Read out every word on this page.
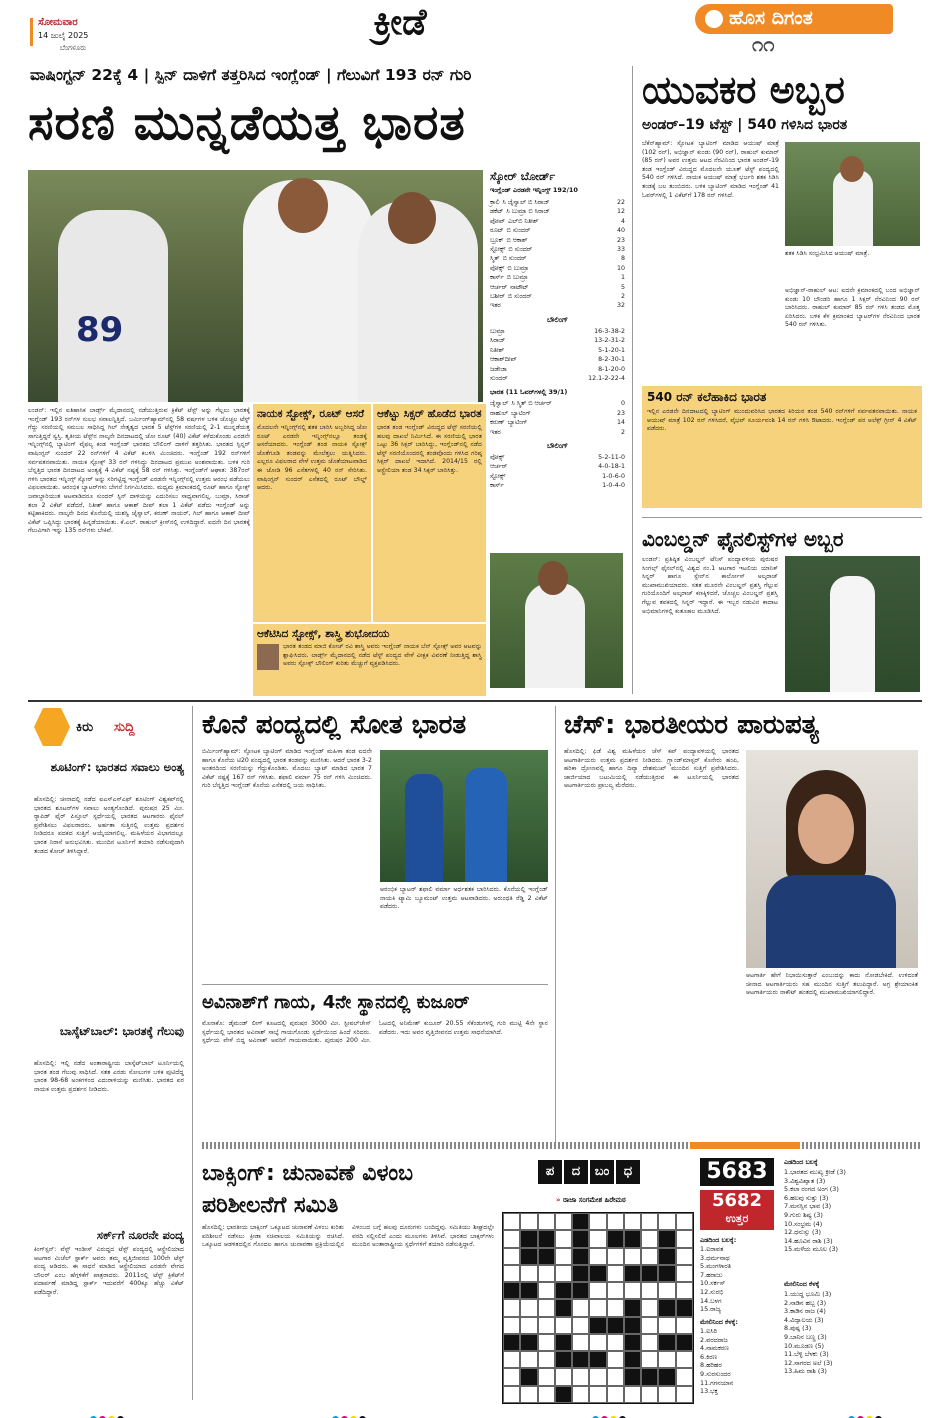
ಸೋಮವಾರ
14 ಜುಲೈ 2025
ಬೆಂಗಳೂರು
ಕ್ರೀಡೆ	ಹೊಸ ದಿಗಂತ
೧೧
ವಾಷಿಂಗ್ಟನ್ 22ಕ್ಕೆ 4 | ಸ್ಪಿನ್ ದಾಳಿಗೆ ತತ್ತರಿಸಿದ ಇಂಗ್ಲೆಂಡ್ | ಗೆಲುವಿಗೆ 193 ರನ್ ಗುರಿ
ಸರಣಿ ಮುನ್ನಡೆಯತ್ತ ಭಾರತ
89
ಲಂಡನ್: ಇಲ್ಲಿನ ಐತಿಹಾಸಿಕ ಲಾರ್ಡ್ಸ್ ಮೈದಾನದಲ್ಲಿ ನಡೆಯುತ್ತಿರುವ ಕ್ರಿಕೆಟ್ ಟೆಸ್ಟ್ ಅನ್ನು ಗೆಲ್ಲಲು ಭಾರತಕ್ಕೆ ಇಂಗ್ಲೆಂಡ್ 193 ರನ್‌ಗಳ ಸುಲಭ ಸವಾಲನ್ನಿತ್ತಿದೆ. ಬರ್ಮಿಂಗ್‌ಹ್ಯಾಮ್‌ನಲ್ಲಿ 58 ವರ್ಷಗಳ ಬಳಿಕ ಚೊಚ್ಚಲ ಟೆಸ್ಟ್ ಗೆದ್ದು ಸರಣಿಯಲ್ಲಿ ಸಮಬಲ ಸಾಧಿಸಿದ್ದ ಗಿಲ್ ನೇತೃತ್ವದ ಭಾರತ 5 ಟೆಸ್ಟ್‌ಗಳ ಸರಣಿಯಲ್ಲಿ 2-1 ಮುನ್ನಡೆಯತ್ತ ಸಾಗುತ್ತಿದ್ದರೆ ಸ್ವಸ್ತಿ. ತೃತೀಯ ಟೆಸ್ಟ್‌ನ ನಾಲ್ಕನೇ ದಿನದಾಟದಲ್ಲಿ ಜೋ ರೂಟ್ (40) ವಿಕೆಟ್ ಕಳೆದುಕೊಂಡು ಎರಡನೇ ಇನ್ನಿಂಗ್ಸ್‌ನಲ್ಲಿ ಬ್ಯಾಟಿಂಗ್ ವೈಫಲ್ಯ ಕಂಡ ಇಂಗ್ಲೆಂಡ್ ಭಾರತದ ಬೌಲಿಂಗ್ ದಾಳಿಗೆ ತತ್ತರಿಸಿತು. ಭಾರತದ ಸ್ಪಿನ್ನರ್ ವಾಷಿಂಗ್ಟನ್ ಸುಂದರ್ 22 ರನ್‌ಗಳಿಗೆ 4 ವಿಕೆಟ್ ಕಬಳಿಸಿ ಮಿಂಚಿದರು. ಇಂಗ್ಲೆಂಡ್ 192 ರನ್‌ಗಳಿಗೆ ಸರ್ವಪತನವಾಯಿತು. ನಾಯಕ ಸ್ಟೋಕ್ಸ್ 33 ರನ್ ಗಳಿಸಿದ್ದು ದಿನದಾಟದ ಪ್ರಮುಖ ಅಂಶವಾಯಿತು. ಬಳಿಕ ಗುರಿ ಬೆನ್ನತ್ತಿದ ಭಾರತ ದಿನದಾಟದ ಅಂತ್ಯಕ್ಕೆ 4 ವಿಕೆಟ್ ನಷ್ಟಕ್ಕೆ 58 ರನ್ ಗಳಿಸಿತ್ತು. ಇಂಗ್ಲೆಂಡ್‌ಗೆ ಆಘಾತ: 387ರನ್ ಗಳಿಸಿ ಭಾರತದ ಇನ್ನಿಂಗ್ಸ್ ಸ್ಕೋರ್ ಅನ್ನು ಸರಿಗಟ್ಟಿದ್ದ ಇಂಗ್ಲೆಂಡ್ ಎರಡನೇ ಇನ್ನಿಂಗ್ಸ್‌ನಲ್ಲಿ ಉತ್ತಮ ಆರಂಭ ಪಡೆಯಲು ವಿಫಲವಾಯಿತು. ಆರಂಭಿಕ ಬ್ಯಾಟರ್‌ಗಳು ಬೇಗನೆ ನಿರ್ಗಮಿಸಿದರು. ಮಧ್ಯಮ ಕ್ರಮಾಂಕದಲ್ಲಿ ರೂಟ್ ಹಾಗೂ ಸ್ಟೋಕ್ಸ್ ಜವಾಬ್ದಾರಿಯುತ ಆಟವಾಡಿದರೂ ಸುಂದರ್ ಸ್ಪಿನ್ ದಾಳಿಯನ್ನು ಎದುರಿಸಲು ಸಾಧ್ಯವಾಗಲಿಲ್ಲ. ಬುಮ್ರಾ, ಸಿರಾಜ್ ತಲಾ 2 ವಿಕೆಟ್ ಪಡೆದರೆ, ನಿತೀಶ್ ಹಾಗೂ ಆಕಾಶ್ ದೀಪ್ ತಲಾ 1 ವಿಕೆಟ್ ಪಡೆದು ಇಂಗ್ಲೆಂಡ್ ಅನ್ನು ಕಟ್ಟಿಹಾಕಿದರು. ನಾಲ್ಕನೇ ದಿನದ ಕೊನೆಯಲ್ಲಿ ಯಶಸ್ವಿ ಜೈಸ್ವಾಲ್, ಕರುಣ್ ನಾಯರ್, ಗಿಲ್ ಹಾಗೂ ಆಕಾಶ್ ದೀಪ್ ವಿಕೆಟ್ ಒಪ್ಪಿಸಿದ್ದು ಭಾರತಕ್ಕೆ ಹಿನ್ನಡೆಯಾಯಿತು. ಕೆ.ಎಲ್. ರಾಹುಲ್ ಕ್ರೀಸ್‌ನಲ್ಲಿ ಉಳಿದಿದ್ದಾರೆ. ಐದನೇ ದಿನ ಭಾರತಕ್ಕೆ ಗೆಲುವಿಗಾಗಿ ಇನ್ನು 135 ರನ್‌ಗಳು ಬೇಕಿವೆ.
ಸ್ಕೋರ್ ಬೋರ್ಡ್
ಇಂಗ್ಲೆಂಡ್ ಎರಡನೇ ಇನ್ನಿಂಗ್ಸ್ 192/10
ಕ್ರಾಲಿ ಸಿ ಜೈಸ್ವಾಲ್ ಬಿ ಸಿರಾಜ್	22
ಡಕೆಟ್ ಸಿ ಬುಮ್ರಾ ಬಿ ಸಿರಾಜ್	12
ಪೋಪ್ ಎಲ್‌ಬಿ ನಿತೀಶ್	4
ರೂಟ್ ಬಿ ಸುಂದರ್	40
ಬ್ರೂಕ್ ಬಿ ಆಕಾಶ್	23
ಸ್ಟೋಕ್ಸ್ ಬಿ ಸುಂದರ್	33
ಸ್ಮಿತ್ ಬಿ ಸುಂದರ್	8
ವೋಕ್ಸ್ ಬಿ ಬುಮ್ರಾ	10
ಕಾರ್ಸ್ ಬಿ ಬುಮ್ರಾ	1
ಆರ್ಚರ್ ನಾಟೌಟ್	5
ಬಶೀರ್ ಬಿ ಸುಂದರ್	2
ಇತರ	32
ಬೌಲಿಂಗ್
ಬುಮ್ರಾ	16-3-38-2
ಸಿರಾಜ್	13-2-31-2
ನಿತೀಶ್	5-1-20-1
ಆಕಾಶ್‌ದೀಪ್	8-2-30-1
ಜಡೇಜಾ	8-1-20-0
ಸುಂದರ್	12.1-2-22-4
ಭಾರತ (11 ಓವರ್‌ಗಳಲ್ಲಿ 39/1)
ಜೈಸ್ವಾಲ್ ಸಿ ಸ್ಮಿತ್ ಬಿ ಆರ್ಚರ್	0
ರಾಹುಲ್ ಬ್ಯಾಟಿಂಗ್	23
ಕರುಣ್ ಬ್ಯಾಟಿಂಗ್	14
ಇತರ	2
ಬೌಲಿಂಗ್
ವೋಕ್ಸ್	5-2-11-0
ಆರ್ಚರ್	4-0-18-1
ಸ್ಟೋಕ್ಸ್	1-0-6-0
ಕಾರ್ಸ್	1-0-4-0
ನಾಯಕ ಸ್ಟೋಕ್ಸ್, ರೂಟ್ ಆಸರೆ
ಮೊದಲನೇ ಇನ್ನಿಂಗ್ಸ್‌ನಲ್ಲಿ ಶತಕ ಬಾರಿಸಿ ಅಬ್ಬರಿಸಿದ್ದ ಜೋ ರೂಟ್ ಎರಡನೇ ಇನ್ನಿಂಗ್ಸ್‌ನಲ್ಲೂ ತಂಡಕ್ಕೆ ಆಸರೆಯಾದರು. ಇಂಗ್ಲೆಂಡ್ ತಂಡ ನಾಯಕ ಸ್ಟೋಕ್ಸ್ ಜೊತೆಗೂಡಿ ತಂಡವನ್ನು ಮೇಲೆತ್ತಲು ಯತ್ನಿಸಿದರು. ಎಲ್ಲರೂ ವಿಫಲರಾದ ವೇಳೆ ಉತ್ತಮ ಜೊತೆಯಾಟವಾಡಿದ ಈ ಜೋಡಿ 96 ಎಸೆತಗಳಲ್ಲಿ 40 ರನ್ ಸೇರಿಸಿತು. ವಾಷಿಂಗ್ಟನ್ ಸುಂದರ್ ಎಸೆತದಲ್ಲಿ ರೂಟ್ ಬೌಲ್ಡ್ ಆದರು.
ಆಕೆಟ್ಟು ಸಿಕ್ಸರ್ ಹೊಡೆದ ಭಾರತ
ಭಾರತ ತಂಡ ಇಂಗ್ಲೆಂಡ್ ವಿರುದ್ಧದ ಟೆಸ್ಟ್ ಸರಣಿಯಲ್ಲಿ ಹಲವು ದಾಖಲೆ ನಿರ್ಮಿಸಿದೆ. ಈ ಸರಣಿಯಲ್ಲಿ ಭಾರತ ಒಟ್ಟು 36 ಸಿಕ್ಸರ್ ಬಾರಿಸಿದ್ದು, ಇಂಗ್ಲೆಂಡ್‌ನಲ್ಲಿ ನಡೆದ ಟೆಸ್ಟ್ ಸರಣಿಯೊಂದರಲ್ಲಿ ತಂಡವೊಂದು ಗಳಿಸಿದ ಗರಿಷ್ಠ ಸಿಕ್ಸರ್ ದಾಖಲೆ ಇದಾಗಿದೆ. 2014/15 ರಲ್ಲಿ ಆಸ್ಟ್ರೇಲಿಯಾ ತಂಡ 34 ಸಿಕ್ಸರ್ ಬಾರಿಸಿತ್ತು.
ಆಕೆಟಿಸಿದ ಸ್ಟೋಕ್ಸ್, ಶಾಸ್ತ್ರಿ ಶುಭೋದಯ
ಭಾರತ ತಂಡದ ಮಾಜಿ ಕೋಚ್ ರವಿ ಶಾಸ್ತ್ರಿ ಅವರು ಇಂಗ್ಲೆಂಡ್ ನಾಯಕ ಬೆನ್ ಸ್ಟೋಕ್ಸ್ ಅವರ ಆಟವನ್ನು ಶ್ಲಾಘಿಸಿದರು. ಲಾರ್ಡ್ಸ್ ಮೈದಾನದಲ್ಲಿ ನಡೆದ ಟೆಸ್ಟ್ ಪಂದ್ಯದ ವೇಳೆ ವೀಕ್ಷಕ ವಿವರಣೆ ನೀಡುತ್ತಿದ್ದ ಶಾಸ್ತ್ರಿ ಅವರು ಸ್ಟೋಕ್ಸ್ ಬೌಲಿಂಗ್ ಕುರಿತು ಮೆಚ್ಚುಗೆ ವ್ಯಕ್ತಪಡಿಸಿದರು.
ಯುವಕರ ಅಬ್ಬರ
ಅಂಡರ್–19 ಟೆಸ್ಟ್ | 540 ಗಳಿಸಿದ ಭಾರತ
ಬೆಕೆನ್‌ಹ್ಯಾಮ್: ಸ್ಫೋಟಕ ಬ್ಯಾಟಿಂಗ್ ಮಾಡಿದ ಆಯುಷ್ ಮಾತ್ರೆ (102 ರನ್), ಅಭಿಜ್ಞಾನ್ ಕುಂಡು (90 ರನ್), ರಾಹುಲ್ ಕುಮಾರ್ (85 ರನ್) ಅವರ ಉತ್ತಮ ಆಟದ ನೆರವಿನಿಂದ ಭಾರತ ಅಂಡರ್-19 ತಂಡ ಇಂಗ್ಲೆಂಡ್ ವಿರುದ್ಧದ ಮೊದಲನೇ ಯೂತ್ ಟೆಸ್ಟ್ ಪಂದ್ಯದಲ್ಲಿ 540 ರನ್ ಗಳಿಸಿದೆ. ನಾಯಕ ಆಯುಷ್ ಮಾತ್ರೆ ಭರ್ಜರಿ ಶತಕ ಸಿಡಿಸಿ ತಂಡಕ್ಕೆ ಬಲ ತುಂಬಿದರು. ಬಳಿಕ ಬ್ಯಾಟಿಂಗ್ ಮಾಡಿದ ಇಂಗ್ಲೆಂಡ್ 41 ಓವರ್‌ಗಳಲ್ಲಿ 1 ವಿಕೆಟ್‌ಗೆ 178 ರನ್ ಗಳಿಸಿದೆ.
ಶತಕ ಸಿಡಿಸಿ ಸಂಭ್ರಮಿಸಿದ ಆಯುಷ್ ಮಾತ್ರೆ.
ಅಭಿಜ್ಞಾನ್-ರಾಹುಲ್ ಆಟ: ಐದನೇ ಕ್ರಮಾಂಕದಲ್ಲಿ ಬಂದ ಅಭಿಜ್ಞಾನ್ ಕುಂಡು 10 ಬೌಂಡರಿ ಹಾಗೂ 1 ಸಿಕ್ಸರ್ ನೆರವಿನಿಂದ 90 ರನ್ ಬಾರಿಸಿದರು. ರಾಹುಲ್ ಕುಮಾರ್ 85 ರನ್ ಗಳಿಸಿ ತಂಡದ ಮೊತ್ತ ಏರಿಸಿದರು. ಬಳಿಕ ಕೆಳ ಕ್ರಮಾಂಕದ ಬ್ಯಾಟರ್‌ಗಳ ನೆರವಿನಿಂದ ಭಾರತ 540 ರನ್ ಗಳಿಸಿತು.
540 ರನ್ ಕಲೆಹಾಕಿದ ಭಾರತ
ಇಲ್ಲಿನ ಎರಡನೇ ದಿನದಾಟದಲ್ಲಿ ಬ್ಯಾಟಿಂಗ್ ಮುಂದುವರಿಸಿದ ಭಾರತದ ಕಿರಿಯರ ತಂಡ 540 ರನ್‌ಗಳಿಗೆ ಸರ್ವಪತನವಾಯಿತು. ನಾಯಕ ಆಯುಷ್ ಮಾತ್ರೆ 102 ರನ್ ಗಳಿಸಿದರೆ, ವೈಭವ್ ಸೂರ್ಯವಂಶಿ 14 ರನ್ ಗಳಿಸಿ ಔಟಾದರು. ಇಂಗ್ಲೆಂಡ್ ಪರ ಅಲೆಕ್ಸ್ ಗ್ರೀನ್ 4 ವಿಕೆಟ್ ಪಡೆದರು.
ವಿಂಬಲ್ಡನ್ ಫೈನಲಿಸ್ಟ್‌ಗಳ ಅಬ್ಬರ
ಲಂಡನ್: ಪ್ರತಿಷ್ಠಿತ ವಿಂಬಲ್ಡನ್ ಟೆನಿಸ್ ಪಂದ್ಯಾವಳಿಯ ಪುರುಷರ ಸಿಂಗಲ್ಸ್ ಫೈನಲ್‌ನಲ್ಲಿ ವಿಶ್ವದ ನಂ.1 ಆಟಗಾರ ಇಟಲಿಯ ಯಾನಿಕ್ ಸಿನ್ನರ್ ಹಾಗೂ ಸ್ಪೇನ್‌ನ ಕಾರ್ಲೋಸ್ ಅಲ್ಕರಾಜ್ ಮುಖಾಮುಖಿಯಾದರು. ಸತತ ಮೂರನೇ ವಿಂಬಲ್ಡನ್ ಪ್ರಶಸ್ತಿ ಗೆಲ್ಲುವ ಗುರಿಯೊಂದಿಗೆ ಅಲ್ಕರಾಜ್ ಕಣಕ್ಕಿಳಿದರೆ, ಚೊಚ್ಚಲ ವಿಂಬಲ್ಡನ್ ಪ್ರಶಸ್ತಿ ಗೆಲ್ಲುವ ತವಕದಲ್ಲಿ ಸಿನ್ನರ್ ಇದ್ದಾರೆ. ಈ ಇಬ್ಬರ ನಡುವಿನ ಕಾದಾಟ ಅಭಿಮಾನಿಗಳಲ್ಲಿ ಕುತೂಹಲ ಮೂಡಿಸಿದೆ.
ಕಿರು ಸುದ್ದಿ
ಶೂಟಿಂಗ್: ಭಾರತದ ಸವಾಲು ಅಂತ್ಯ
ಹೊಸದಿಲ್ಲಿ: ಚೀನಾದಲ್ಲಿ ನಡೆದ ಐಎಸ್‌ಎಸ್‌ಎಫ್ ಶೂಟಿಂಗ್ ವಿಶ್ವಕಪ್‌ನಲ್ಲಿ ಭಾರತದ ಶೂಟರ್‌ಗಳ ಸವಾಲು ಅಂತ್ಯಗೊಂಡಿದೆ. ಪುರುಷರ 25 ಮೀ. ರ‍್ಯಾಪಿಡ್ ಫೈರ್ ಪಿಸ್ತೂಲ್ ಸ್ಪರ್ಧೆಯಲ್ಲಿ ಭಾರತದ ಆಟಗಾರರು ಫೈನಲ್ ಪ್ರವೇಶಿಸಲು ವಿಫಲರಾದರು. ಅರ್ಹತಾ ಸುತ್ತಿನಲ್ಲಿ ಉತ್ತಮ ಪ್ರದರ್ಶನ ನೀಡಿದರೂ ಪದಕದ ಸುತ್ತಿಗೆ ಆಯ್ಕೆಯಾಗಲಿಲ್ಲ. ಮಹಿಳೆಯರ ವಿಭಾಗದಲ್ಲೂ ಭಾರತ ನಿರಾಸೆ ಅನುಭವಿಸಿತು. ಮುಂದಿನ ಟೂರ್ನಿಗೆ ತಯಾರಿ ನಡೆಸುವುದಾಗಿ ತಂಡದ ಕೋಚ್ ತಿಳಿಸಿದ್ದಾರೆ.
ಬಾಸ್ಕೆಟ್‌ಬಾಲ್: ಭಾರತಕ್ಕೆ ಗೆಲುವು
ಹೊಸದಿಲ್ಲಿ: ಇಲ್ಲಿ ನಡೆದ ಅಂತಾರಾಷ್ಟ್ರೀಯ ಬಾಸ್ಕೆಟ್‌ಬಾಲ್ ಟೂರ್ನಿಯಲ್ಲಿ ಭಾರತ ತಂಡ ಗೆಲುವು ಸಾಧಿಸಿದೆ. ಸತತ ಎರಡು ಸೋಲುಗಳ ಬಳಿಕ ಪುಟಿದೆದ್ದ ಭಾರತ 98-68 ಅಂಕಗಳಿಂದ ಎದುರಾಳಿಯನ್ನು ಮಣಿಸಿತು. ಭಾರತದ ಪರ ನಾಯಕ ಉತ್ತಮ ಪ್ರದರ್ಶನ ನೀಡಿದರು.
ಸರ್ಕ್‌ಗೆ ನೂರನೇ ಪಂದ್ಯ
ಕಿಂಗ್‌ಸ್ಟನ್: ವೆಸ್ಟ್ ಇಂಡೀಸ್ ವಿರುದ್ಧದ ಟೆಸ್ಟ್ ಪಂದ್ಯದಲ್ಲಿ ಆಸ್ಟ್ರೇಲಿಯಾದ ಆಟಗಾರ ಮಿಚೆಲ್ ಸ್ಟಾರ್ಕ್ ಅವರು ತಮ್ಮ ವೃತ್ತಿಜೀವನದ 100ನೇ ಟೆಸ್ಟ್ ಪಂದ್ಯ ಆಡಿದರು. ಈ ಸಾಧನೆ ಮಾಡಿದ ಆಸ್ಟ್ರೇಲಿಯಾದ ಎರಡನೇ ವೇಗದ ಬೌಲರ್ ಎಂಬ ಹೆಗ್ಗಳಿಕೆಗೆ ಪಾತ್ರರಾದರು. 2011ರಲ್ಲಿ ಟೆಸ್ಟ್ ಕ್ರಿಕೆಟ್‌ಗೆ ಪದಾರ್ಪಣೆ ಮಾಡಿದ್ದ ಸ್ಟಾರ್ಕ್ ಇದುವರೆಗೆ 400ಕ್ಕೂ ಹೆಚ್ಚು ವಿಕೆಟ್ ಪಡೆದಿದ್ದಾರೆ.
ಕೊನೆ ಪಂದ್ಯದಲ್ಲಿ ಸೋತ ಭಾರತ
ಬಿರ್ಮಿಂಗ್‌ಹ್ಯಾಮ್: ಸ್ಫೋಟಕ ಬ್ಯಾಟಿಂಗ್ ಮಾಡಿದ ಇಂಗ್ಲೆಂಡ್ ಮಹಿಳಾ ತಂಡ ಐದನೇ ಹಾಗೂ ಕೊನೆಯ ಟಿ20 ಪಂದ್ಯದಲ್ಲಿ ಭಾರತ ತಂಡವನ್ನು ಮಣಿಸಿತು. ಆದರೆ ಭಾರತ 3-2 ಅಂತರದಿಂದ ಸರಣಿಯನ್ನು ಗೆದ್ದುಕೊಂಡಿತು. ಮೊದಲು ಬ್ಯಾಟ್ ಮಾಡಿದ ಭಾರತ 7 ವಿಕೆಟ್ ನಷ್ಟಕ್ಕೆ 167 ರನ್ ಗಳಿಸಿತು. ಶಫಾಲಿ ವರ್ಮಾ 75 ರನ್ ಗಳಿಸಿ ಮಿಂಚಿದರು. ಗುರಿ ಬೆನ್ನತ್ತಿದ ಇಂಗ್ಲೆಂಡ್ ಕೊನೆಯ ಎಸೆತದಲ್ಲಿ ಜಯ ಸಾಧಿಸಿತು.
ಆರಂಭಿಕ ಬ್ಯಾಟರ್ ಶಫಾಲಿ ವರ್ಮಾ ಅರ್ಧಶತಕ ಬಾರಿಸಿದರು. ಕೊನೆಯಲ್ಲಿ ಇಂಗ್ಲೆಂಡ್ ನಾಯಕಿ ಟ್ಯಾಮಿ ಬ್ಯೂಮಂಟ್ ಉತ್ತಮ ಆಟವಾಡಿದರು. ಅರುಂಧತಿ ರೆಡ್ಡಿ 2 ವಿಕೆಟ್ ಪಡೆದರು.
ಅವಿನಾಶ್‌ಗೆ ಗಾಯ, 4ನೇ ಸ್ಥಾನದಲ್ಲಿ ಕುಜೂರ್
ಮೊನಾಕೊ: ಡೈಮಂಡ್ ಲೀಗ್ ಕೂಟದಲ್ಲಿ ಪುರುಷರ 3000 ಮೀ. ಸ್ಟೀಪಲ್‌ಚೇಸ್ ಸ್ಪರ್ಧೆಯಲ್ಲಿ ಭಾರತದ ಅವಿನಾಶ್ ಸಾಬ್ಳೆ ಗಾಯಗೊಂಡು ಸ್ಪರ್ಧೆಯಿಂದ ಹಿಂದೆ ಸರಿದರು. ಸ್ಪರ್ಧೆಯ ವೇಳೆ ಬಿದ್ದ ಅವಿನಾಶ್ ಅವರಿಗೆ ಗಾಯವಾಯಿತು. ಪುರುಷರ 200 ಮೀ. ಓಟದಲ್ಲಿ ಅನಿಮೇಶ್ ಕುಜೂರ್ 20.55 ಸೆಕೆಂಡುಗಳಲ್ಲಿ ಗುರಿ ಮುಟ್ಟಿ 4ನೇ ಸ್ಥಾನ ಪಡೆದರು. ಇದು ಅವರ ವೃತ್ತಿಜೀವನದ ಉತ್ತಮ ಸಾಧನೆಯಾಗಿದೆ.
ಚೆಸ್: ಭಾರತೀಯರ ಪಾರುಪತ್ಯ
ಹೊಸದಿಲ್ಲಿ: ಫಿಡೆ ವಿಶ್ವ ಮಹಿಳೆಯರ ಚೆಸ್ ಕಪ್ ಪಂದ್ಯಾವಳಿಯಲ್ಲಿ ಭಾರತದ ಆಟಗಾರ್ತಿಯರು ಉತ್ತಮ ಪ್ರದರ್ಶನ ನೀಡಿದರು. ಗ್ರ್ಯಾಂಡ್‌ಮಾಸ್ಟರ್ ಕೊನೇರು ಹಂಪಿ, ಹರಿಕಾ ದ್ರೋಣವಲ್ಲಿ ಹಾಗೂ ದಿವ್ಯಾ ದೇಶಮುಖ್ ಮುಂದಿನ ಸುತ್ತಿಗೆ ಪ್ರವೇಶಿಸಿದರು. ಜಾರ್ಜಿಯಾದ ಬಟುಮಿಯಲ್ಲಿ ನಡೆಯುತ್ತಿರುವ ಈ ಟೂರ್ನಿಯಲ್ಲಿ ಭಾರತದ ಆಟಗಾರ್ತಿಯರು ಪ್ರಾಬಲ್ಯ ಮೆರೆದರು.
ಆಟಗಾರ್ತಿ ಹೇಗೆ ನಿಭಾಯಿಸುತ್ತಾರೆ ಎಂಬುದನ್ನು ಕಾದು ನೋಡಬೇಕಿದೆ. ಉಳಿದಂತೆ ಚೀನಾದ ಆಟಗಾರ್ತಿಯರು ಸಹ ಮುಂದಿನ ಸುತ್ತಿಗೆ ತಲುಪಿದ್ದಾರೆ. ಅಗ್ರ ಶ್ರೇಯಾಂಕಿತ ಆಟಗಾರ್ತಿಯರು ನಾಕೌಟ್ ಹಂತದಲ್ಲಿ ಮುಖಾಮುಖಿಯಾಗಲಿದ್ದಾರೆ.
ಬಾಕ್ಸಿಂಗ್: ಚುನಾವಣೆ ವಿಳಂಬ ಪರಿಶೀಲನೆಗೆ ಸಮಿತಿ
ಹೊಸದಿಲ್ಲಿ: ಭಾರತೀಯ ಬಾಕ್ಸಿಂಗ್ ಒಕ್ಕೂಟದ ಚುನಾವಣೆ ವಿಳಂಬ ಕುರಿತು ಪರಿಶೀಲನೆ ನಡೆಸಲು ಕ್ರೀಡಾ ಸಚಿವಾಲಯ ಸಮಿತಿಯನ್ನು ರಚಿಸಿದೆ. ಒಕ್ಕೂಟದ ಆಡಳಿತದಲ್ಲಿನ ಗೊಂದಲ ಹಾಗೂ ಚುನಾವಣಾ ಪ್ರಕ್ರಿಯೆಯಲ್ಲಿನ ವಿಳಂಬದ ಬಗ್ಗೆ ಹಲವು ದೂರುಗಳು ಬಂದಿದ್ದವು. ಸಮಿತಿಯು ಶೀಘ್ರದಲ್ಲೇ ವರದಿ ಸಲ್ಲಿಸಲಿದೆ ಎಂದು ಮೂಲಗಳು ತಿಳಿಸಿವೆ. ಭಾರತದ ಬಾಕ್ಸರ್‌ಗಳು ಮುಂದಿನ ಅಂತಾರಾಷ್ಟ್ರೀಯ ಸ್ಪರ್ಧೆಗಳಿಗೆ ತಯಾರಿ ನಡೆಸುತ್ತಿದ್ದಾರೆ.
ಪ	ದ	ಬಂ	ಧ
» ರಾಜಾ ಸಂಗಮೇಶ ಹಿರೇಮಠ
5683
5682
ಉತ್ತರ
ಎಡದಿಂದ ಬಲಕ್ಕೆ:
1.ಐರಾವತ
3.ಧರ್ಮನಾಥ
5.ಮಂಗಳಾರತಿ
7.ಹರಾಜು
10.ಸರ್ಕಸ್
12.ಸುರಭಿ
14.ಬಳಗ
15.ರಾಜ್ಯ
ಮೇಲಿನಿಂದ ಕೆಳಕ್ಕೆ:
1.ಐಸಿರಿ
2.ವರದರಾಜ
4.ನಾಮಕರಣ
6.ಕಿರಣ
8.ಹರಿಹರ
9.ಸುರಸುಂದರ
11.ಗಗನಯಾನ
13.ಭಕ್ತ
ಎಡದಿಂದ ಬಲಕ್ಕೆ
1.ಭಾರತದ ಮುಖ್ಯ ಕ್ರೀಡೆ (3)
3.ವಿಶ್ವವಿಖ್ಯಾತ (3)
5.ಕಲಾ ರಂಗದ ಅಂಗ (3)
6.ಹಲವು ಸುತ್ತು (3)
7.ಮನಸ್ಸಿನ ಭಾವ (3)
9.ಗುರು ಶಿಷ್ಯ (3)
10.ಸಂಭ್ರಮ (4)
12.ಧನುಸ್ಸು (3)
14.ಹೂವಿನ ರಾಶಿ (3)
15.ಮಳೆಯ ಮೂಲ (3)
ಮೇಲಿನಿಂದ ಕೆಳಕ್ಕೆ
1.ಯುದ್ಧ ಭೂಮಿ (3)
2.ನಾಡಿನ ಹಬ್ಬ (3)
3.ಕಾಡಿನ ರಾಜ (4)
4.ವಿದ್ಯಾಲಯ (3)
8.ಪುಷ್ಪ (3)
9.ಬಾನಿನ ಬಣ್ಣ (3)
10.ಮೂಡಣ (5)
11.ಬೆಳ್ಳಿ ಬೆಳಕು (3)
12.ಸಾಗರದ ಅಲೆ (3)
13.ಹಿಮ ರಾಶಿ (3)
